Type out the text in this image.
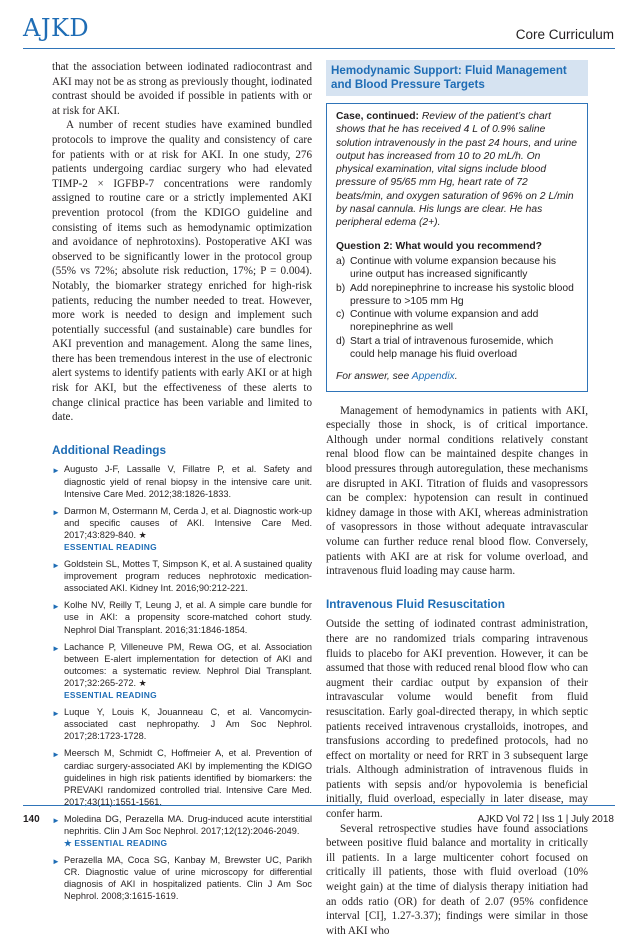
AJKD	Core Curriculum

that the association between iodinated radiocontrast and AKI may not be as strong as previously thought, iodinated contrast should be avoided if possible in patients with or at risk for AKI.

A number of recent studies have examined bundled protocols to improve the quality and consistency of care for patients with or at risk for AKI. In one study, 276 patients undergoing cardiac surgery who had elevated TIMP-2 × IGFBP-7 concentrations were randomly assigned to routine care or a strictly implemented AKI prevention protocol (from the KDIGO guideline and consisting of items such as hemodynamic optimization and avoidance of nephrotoxins). Postoperative AKI was observed to be significantly lower in the protocol group (55% vs 72%; absolute risk reduction, 17%; P = 0.004). Notably, the biomarker strategy enriched for high-risk patients, reducing the number needed to treat. However, more work is needed to design and implement such potentially successful (and sustainable) care bundles for AKI prevention and management. Along the same lines, there has been tremendous interest in the use of electronic alert systems to identify patients with early AKI or at high risk for AKI, but the effectiveness of these alerts to change clinical practice has been variable and limited to date.

Additional Readings
► Augusto J-F, Lassalle V, Fillatre P, et al. Safety and diagnostic yield of renal biopsy in the intensive care unit. Intensive Care Med. 2012;38:1826-1833.
► Darmon M, Ostermann M, Cerda J, et al. Diagnostic work-up and specific causes of AKI. Intensive Care Med. 2017;43:829-840. ★
ESSENTIAL READING
► Goldstein SL, Mottes T, Simpson K, et al. A sustained quality improvement program reduces nephrotoxic medication-associated AKI. Kidney Int. 2016;90:212-221.
► Kolhe NV, Reilly T, Leung J, et al. A simple care bundle for use in AKI: a propensity score-matched cohort study. Nephrol Dial Transplant. 2016;31:1846-1854.
► Lachance P, Villeneuve PM, Rewa OG, et al. Association between E-alert implementation for detection of AKI and outcomes: a systematic review. Nephrol Dial Transplant. 2017;32:265-272. ★
ESSENTIAL READING
► Luque Y, Louis K, Jouanneau C, et al. Vancomycin-associated cast nephropathy. J Am Soc Nephrol. 2017;28:1723-1728.
► Meersch M, Schmidt C, Hoffmeier A, et al. Prevention of cardiac surgery-associated AKI by implementing the KDIGO guidelines in high risk patients identified by biomarkers: the PREVAKI randomized controlled trial. Intensive Care Med. 2017;43(11):1551-1561.
► Moledina DG, Perazella MA. Drug-induced acute interstitial nephritis. Clin J Am Soc Nephrol. 2017;12(12):2046-2049.
★ ESSENTIAL READING
► Perazella MA, Coca SG, Kanbay M, Brewster UC, Parikh CR. Diagnostic value of urine microscopy for differential diagnosis of AKI in hospitalized patients. Clin J Am Soc Nephrol. 2008;3:1615-1619.
Hemodynamic Support: Fluid Management and Blood Pressure Targets

Case, continued: Review of the patient’s chart shows that he has received 4 L of 0.9% saline solution intravenously in the past 24 hours, and urine output has increased from 10 to 20 mL/h. On physical examination, vital signs include blood pressure of 95/65 mm Hg, heart rate of 72 beats/min, and oxygen saturation of 96% on 2 L/min by nasal cannula. His lungs are clear. He has peripheral edema (2+).

Question 2: What would you recommend?
a) Continue with volume expansion because his urine output has increased significantly
b) Add norepinephrine to increase his systolic blood pressure to >105 mm Hg
c) Continue with volume expansion and add norepinephrine as well
d) Start a trial of intravenous furosemide, which could help manage his fluid overload
For answer, see Appendix.

Management of hemodynamics in patients with AKI, especially those in shock, is of critical importance. Although under normal conditions relatively constant renal blood flow can be maintained despite changes in blood pressures through autoregulation, these mechanisms are disrupted in AKI. Titration of fluids and vasopressors can be complex: hypotension can result in continued kidney damage in those with AKI, whereas administration of vasopressors in those without adequate intravascular volume can further reduce renal blood flow. Conversely, patients with AKI are at risk for volume overload, and intravenous fluid loading may cause harm.

Intravenous Fluid Resuscitation

Outside the setting of iodinated contrast administration, there are no randomized trials comparing intravenous fluids to placebo for AKI prevention. However, it can be assumed that those with reduced renal blood flow who can augment their cardiac output by expansion of their intravascular volume would benefit from fluid resuscitation. Early goal-directed therapy, in which septic patients received intravenous crystalloids, inotropes, and transfusions according to predefined protocols, had no effect on mortality or need for RRT in 3 subsequent large trials. Although administration of intravenous fluids in patients with sepsis and/or hypovolemia is beneficial initially, fluid overload, especially in later disease, may confer harm.

Several retrospective studies have found associations between positive fluid balance and mortality in critically ill patients. In a large multicenter cohort focused on critically ill patients, those with fluid overload (10% weight gain) at the time of dialysis therapy initiation had an odds ratio (OR) for death of 2.07 (95% confidence interval [CI], 1.27-3.37); findings were similar in those with AKI who

140	AJKD Vol 72 | Iss 1 | July 2018
